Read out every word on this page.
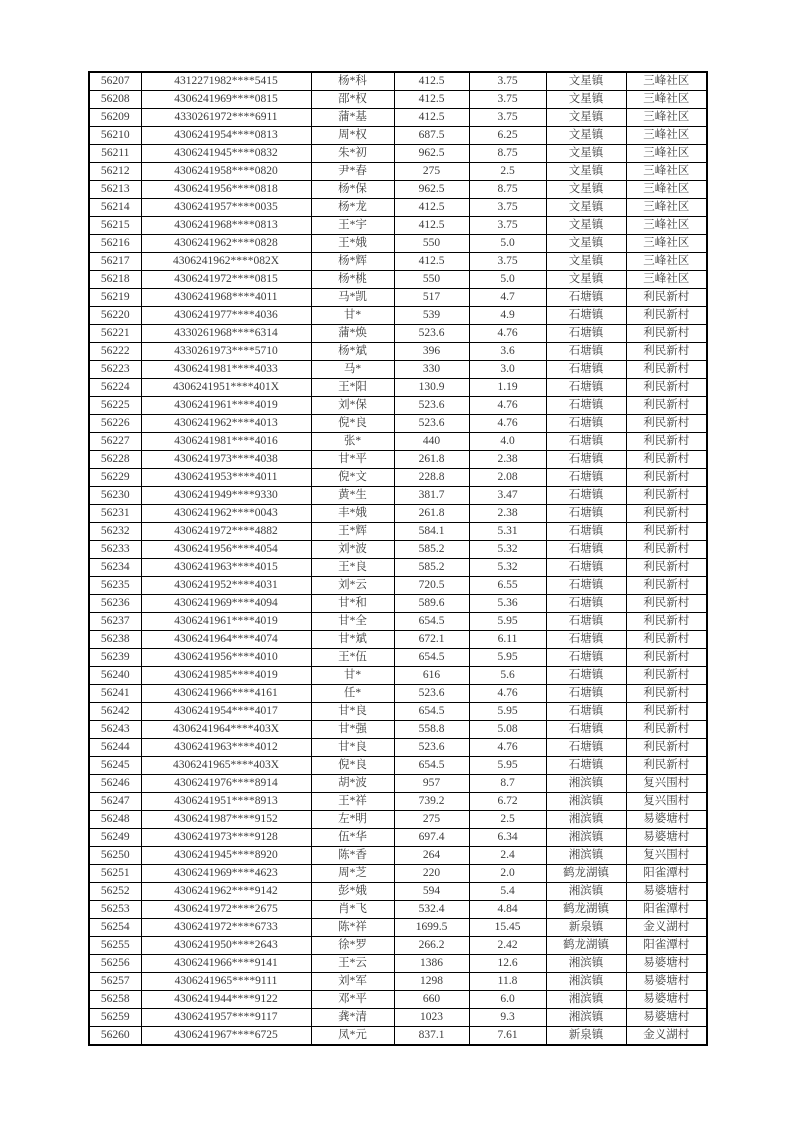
56207	4312271982****5415	杨*科	412.5	3.75	文星镇	三峰社区
56208	4306241969****0815	邵*权	412.5	3.75	文星镇	三峰社区
56209	4330261972****6911	蒲*基	412.5	3.75	文星镇	三峰社区
56210	4306241954****0813	周*权	687.5	6.25	文星镇	三峰社区
56211	4306241945****0832	朱*初	962.5	8.75	文星镇	三峰社区
56212	4306241958****0820	尹*春	275	2.5	文星镇	三峰社区
56213	4306241956****0818	杨*保	962.5	8.75	文星镇	三峰社区
56214	4306241957****0035	杨*龙	412.5	3.75	文星镇	三峰社区
56215	4306241968****0813	王*宇	412.5	3.75	文星镇	三峰社区
56216	4306241962****0828	王*娥	550	5.0	文星镇	三峰社区
56217	4306241962****082X	杨*辉	412.5	3.75	文星镇	三峰社区
56218	4306241972****0815	杨*桃	550	5.0	文星镇	三峰社区
56219	4306241968****4011	马*凯	517	4.7	石塘镇	利民新村
56220	4306241977****4036	甘*	539	4.9	石塘镇	利民新村
56221	4330261968****6314	蒲*焕	523.6	4.76	石塘镇	利民新村
56222	4330261973****5710	杨*斌	396	3.6	石塘镇	利民新村
56223	4306241981****4033	马*	330	3.0	石塘镇	利民新村
56224	4306241951****401X	王*阳	130.9	1.19	石塘镇	利民新村
56225	4306241961****4019	刘*保	523.6	4.76	石塘镇	利民新村
56226	4306241962****4013	倪*良	523.6	4.76	石塘镇	利民新村
56227	4306241981****4016	张*	440	4.0	石塘镇	利民新村
56228	4306241973****4038	甘*平	261.8	2.38	石塘镇	利民新村
56229	4306241953****4011	倪*文	228.8	2.08	石塘镇	利民新村
56230	4306241949****9330	黄*生	381.7	3.47	石塘镇	利民新村
56231	4306241962****0043	丰*娥	261.8	2.38	石塘镇	利民新村
56232	4306241972****4882	王*辉	584.1	5.31	石塘镇	利民新村
56233	4306241956****4054	刘*波	585.2	5.32	石塘镇	利民新村
56234	4306241963****4015	王*良	585.2	5.32	石塘镇	利民新村
56235	4306241952****4031	刘*云	720.5	6.55	石塘镇	利民新村
56236	4306241969****4094	甘*和	589.6	5.36	石塘镇	利民新村
56237	4306241961****4019	甘*全	654.5	5.95	石塘镇	利民新村
56238	4306241964****4074	甘*斌	672.1	6.11	石塘镇	利民新村
56239	4306241956****4010	王*伍	654.5	5.95	石塘镇	利民新村
56240	4306241985****4019	甘*	616	5.6	石塘镇	利民新村
56241	4306241966****4161	任*	523.6	4.76	石塘镇	利民新村
56242	4306241954****4017	甘*良	654.5	5.95	石塘镇	利民新村
56243	4306241964****403X	甘*强	558.8	5.08	石塘镇	利民新村
56244	4306241963****4012	甘*良	523.6	4.76	石塘镇	利民新村
56245	4306241965****403X	倪*良	654.5	5.95	石塘镇	利民新村
56246	4306241976****8914	胡*波	957	8.7	湘滨镇	复兴围村
56247	4306241951****8913	王*祥	739.2	6.72	湘滨镇	复兴围村
56248	4306241987****9152	左*明	275	2.5	湘滨镇	易婆塘村
56249	4306241973****9128	伍*华	697.4	6.34	湘滨镇	易婆塘村
56250	4306241945****8920	陈*香	264	2.4	湘滨镇	复兴围村
56251	4306241969****4623	周*芝	220	2.0	鹤龙湖镇	阳雀潭村
56252	4306241962****9142	彭*娥	594	5.4	湘滨镇	易婆塘村
56253	4306241972****2675	肖*飞	532.4	4.84	鹤龙湖镇	阳雀潭村
56254	4306241972****6733	陈*祥	1699.5	15.45	新泉镇	金义湖村
56255	4306241950****2643	徐*罗	266.2	2.42	鹤龙湖镇	阳雀潭村
56256	4306241966****9141	王*云	1386	12.6	湘滨镇	易婆塘村
56257	4306241965****9111	刘*军	1298	11.8	湘滨镇	易婆塘村
56258	4306241944****9122	邓*平	660	6.0	湘滨镇	易婆塘村
56259	4306241957****9117	龚*清	1023	9.3	湘滨镇	易婆塘村
56260	4306241967****6725	凤*元	837.1	7.61	新泉镇	金义湖村
